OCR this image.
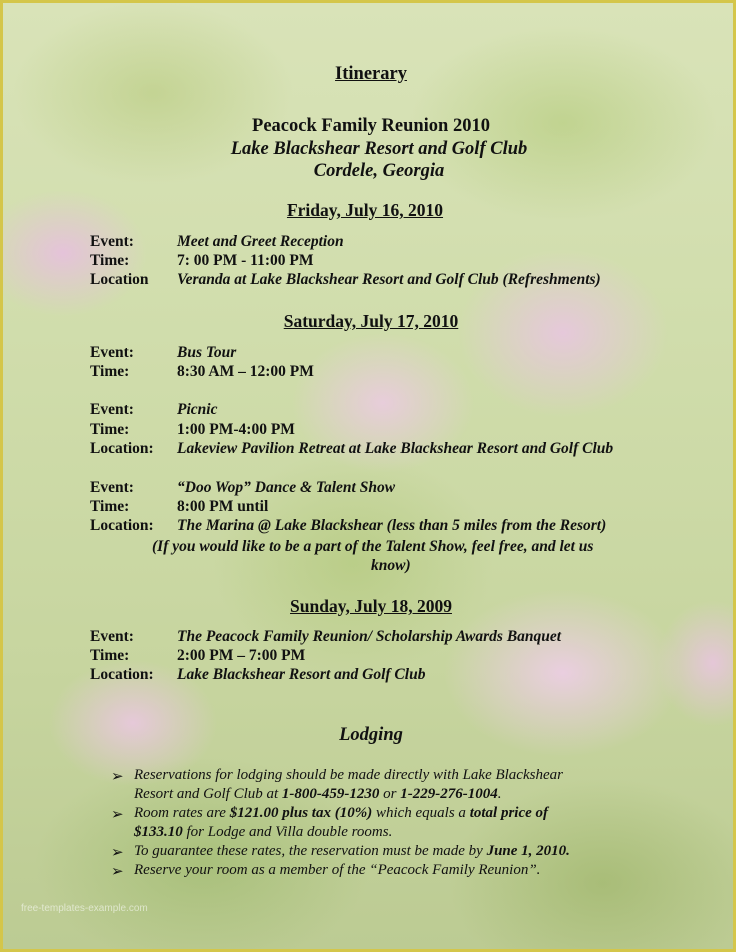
Itinerary
Peacock Family Reunion 2010
Lake Blackshear Resort and Golf Club
Cordele, Georgia
Friday, July 16, 2010
Event:	Meet and Greet Reception
Time:	7: 00 PM - 11:00 PM
Location Veranda at Lake Blackshear Resort and Golf Club (Refreshments)
Saturday, July 17, 2010
Event:	Bus Tour
Time:	8:30 AM – 12:00 PM
Event:	Picnic
Time:	1:00 PM-4:00 PM
Location: Lakeview Pavilion Retreat at Lake Blackshear Resort and Golf Club
Event:	“Doo Wop” Dance & Talent Show
Time:	8:00 PM until
Location: The Marina @ Lake Blackshear (less than 5 miles from the Resort)
(If you would like to be a part of the Talent Show, feel free, and let us
know)
Sunday, July 18, 2009
Event:	The Peacock Family Reunion/ Scholarship Awards Banquet
Time:	2:00 PM – 7:00 PM
Location: Lake Blackshear Resort and Golf Club
Lodging
➢ Reservations for lodging should be made directly with Lake Blackshear
Resort and Golf Club at 1-800-459-1230 or 1-229-276-1004.
➢ Room rates are $121.00 plus tax (10%) which equals a total price of
$133.10 for Lodge and Villa double rooms.
➢ To guarantee these rates, the reservation must be made by June 1, 2010.
➢ Reserve your room as a member of the “Peacock Family Reunion”.
free-templates-example.com
